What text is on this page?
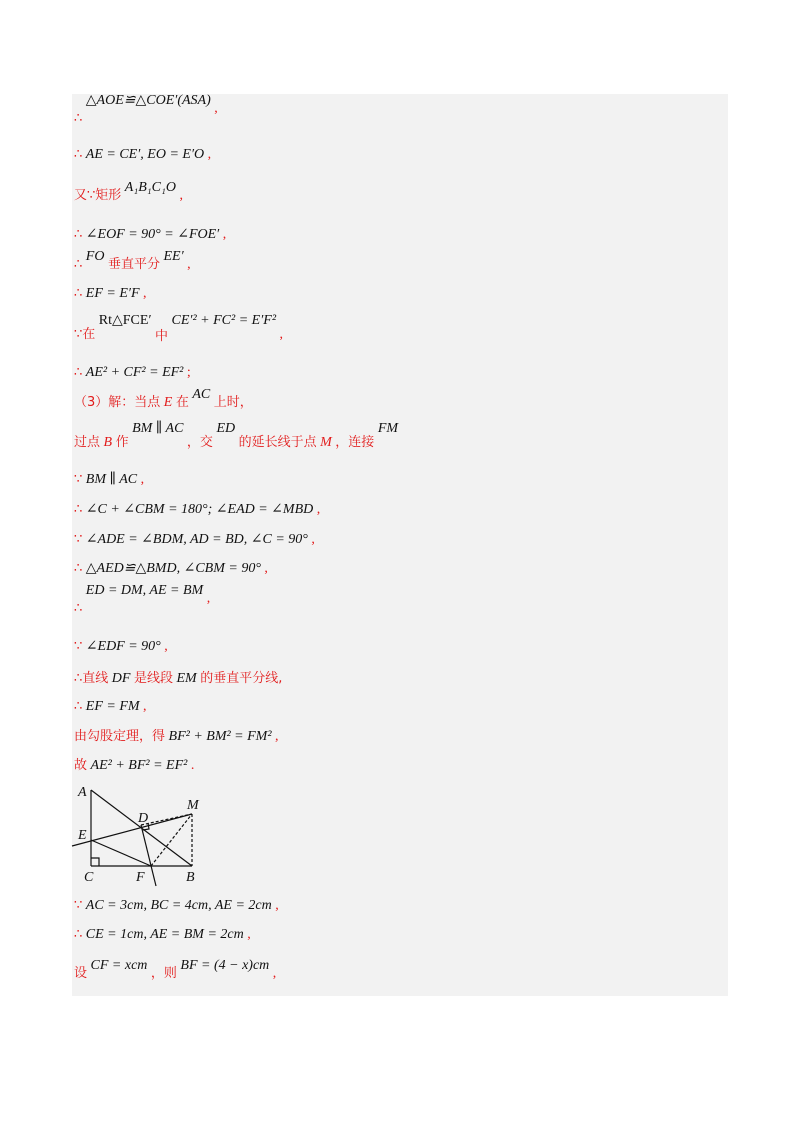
∴ △AOE≌△COE′(ASA) ,
∴ AE = CE′, EO = E′O ,
又∵矩形 A₁B₁C₁O ,
∴ ∠EOF = 90° = ∠FOE′ ,
∴ FO 垂直平分 EE′ ,
∴ EF = E′F ,
∵在 Rt△FCE′ 中 CE′² + FC² = E′F² ,
∴ AE² + CF² = EF² ;
（3）解：当点 E 在 AC 上时，
过点 B 作 BM ∥ AC ，交 ED 的延长线于点 M ，连接 FM
∵ BM ∥ AC ,
∴ ∠C + ∠CBM = 180°; ∠EAD = ∠MBD ,
∵ ∠ADE = ∠BDM, AD = BD, ∠C = 90° ,
∴ △AED≌△BMD, ∠CBM = 90° ,
∴ ED = DM, AE = BM ,
∵ ∠EDF = 90° ,
∴直线 DF 是线段 EM 的垂直平分线,
∴ EF = FM ,
由勾股定理，得 BF² + BM² = FM² ,
故 AE² + BF² = EF² .
A
D
M
E
C	F	B
∵ AC = 3cm, BC = 4cm, AE = 2cm ,
∴ CE = 1cm, AE = BM = 2cm ,
设 CF = xcm ，则 BF = (4 − x)cm ,
